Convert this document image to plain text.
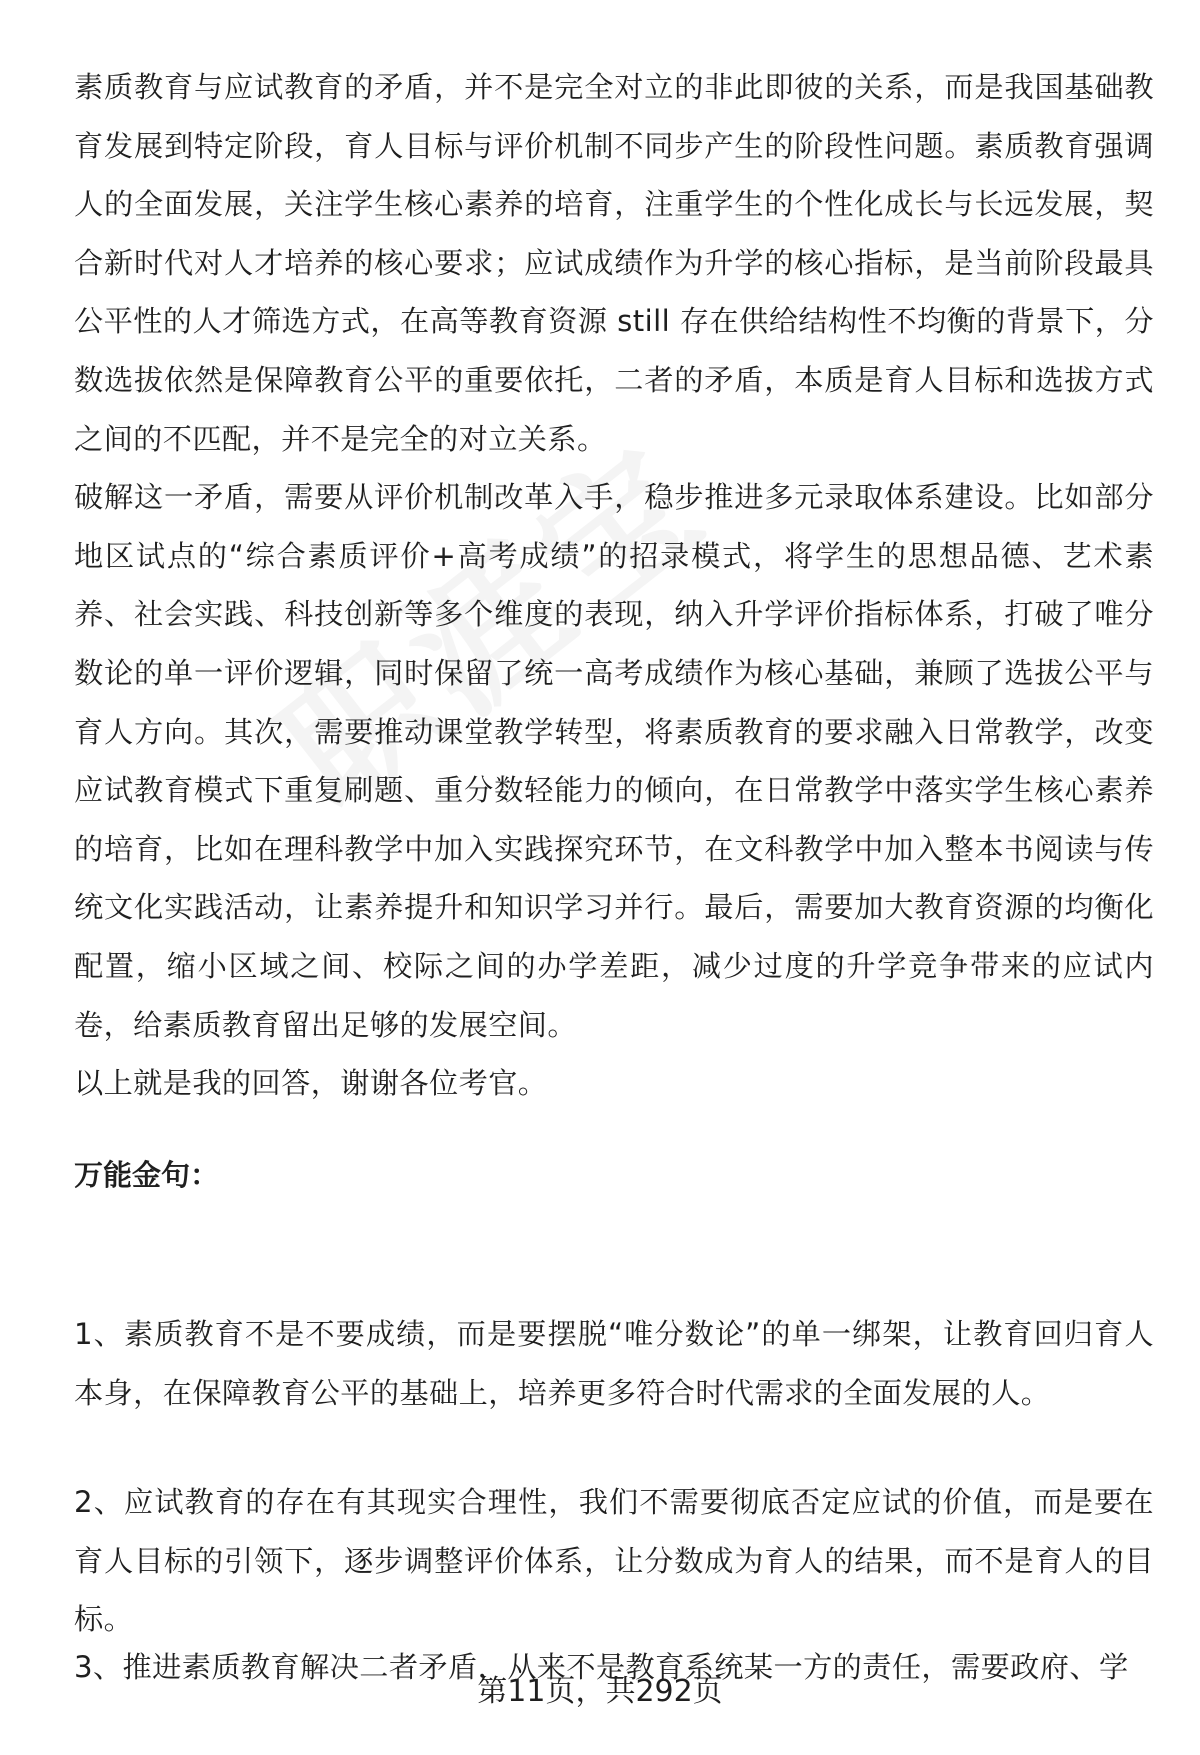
素质教育与应试教育的矛盾，并不是完全对立的非此即彼的关系，而是我国基础教育发展到特定阶段，育人目标与评价机制不同步产生的阶段性问题。素质教育强调人的全面发展，关注学生核心素养的培育，注重学生的个性化成长与长远发展，契合新时代对人才培养的核心要求；应试成绩作为升学的核心指标，是当前阶段最具公平性的人才筛选方式，在高等教育资源 still 存在供给结构性不均衡的背景下，分数选拔依然是保障教育公平的重要依托，二者的矛盾，本质是育人目标和选拔方式之间的不匹配，并不是完全的对立关系。

破解这一矛盾，需要从评价机制改革入手，稳步推进多元录取体系建设。比如部分地区试点的“综合素质评价+高考成绩”的招录模式，将学生的思想品德、艺术素养、社会实践、科技创新等多个维度的表现，纳入升学评价指标体系，打破了唯分数论的单一评价逻辑，同时保留了统一高考成绩作为核心基础，兼顾了选拔公平与育人方向。其次，需要推动课堂教学转型，将素质教育的要求融入日常教学，改变应试教育模式下重复刷题、重分数轻能力的倾向，在日常教学中落实学生核心素养的培育，比如在理科教学中加入实践探究环节，在文科教学中加入整本书阅读与传统文化实践活动，让素养提升和知识学习并行。最后，需要加大教育资源的均衡化配置，缩小区域之间、校际之间的办学差距，减少过度的升学竞争带来的应试内卷，给素质教育留出足够的发展空间。

以上就是我的回答，谢谢各位考官。

万能金句：

1、素质教育不是不要成绩，而是要摆脱“唯分数论”的单一绑架，让教育回归育人本身，在保障教育公平的基础上，培养更多符合时代需求的全面发展的人。

2、应试教育的存在有其现实合理性，我们不需要彻底否定应试的价值，而是要在育人目标的引领下，逐步调整评价体系，让分数成为育人的结果，而不是育人的目标。

3、推进素质教育解决二者矛盾，从来不是教育系统某一方的责任，需要政府、学

第11页，共292页
